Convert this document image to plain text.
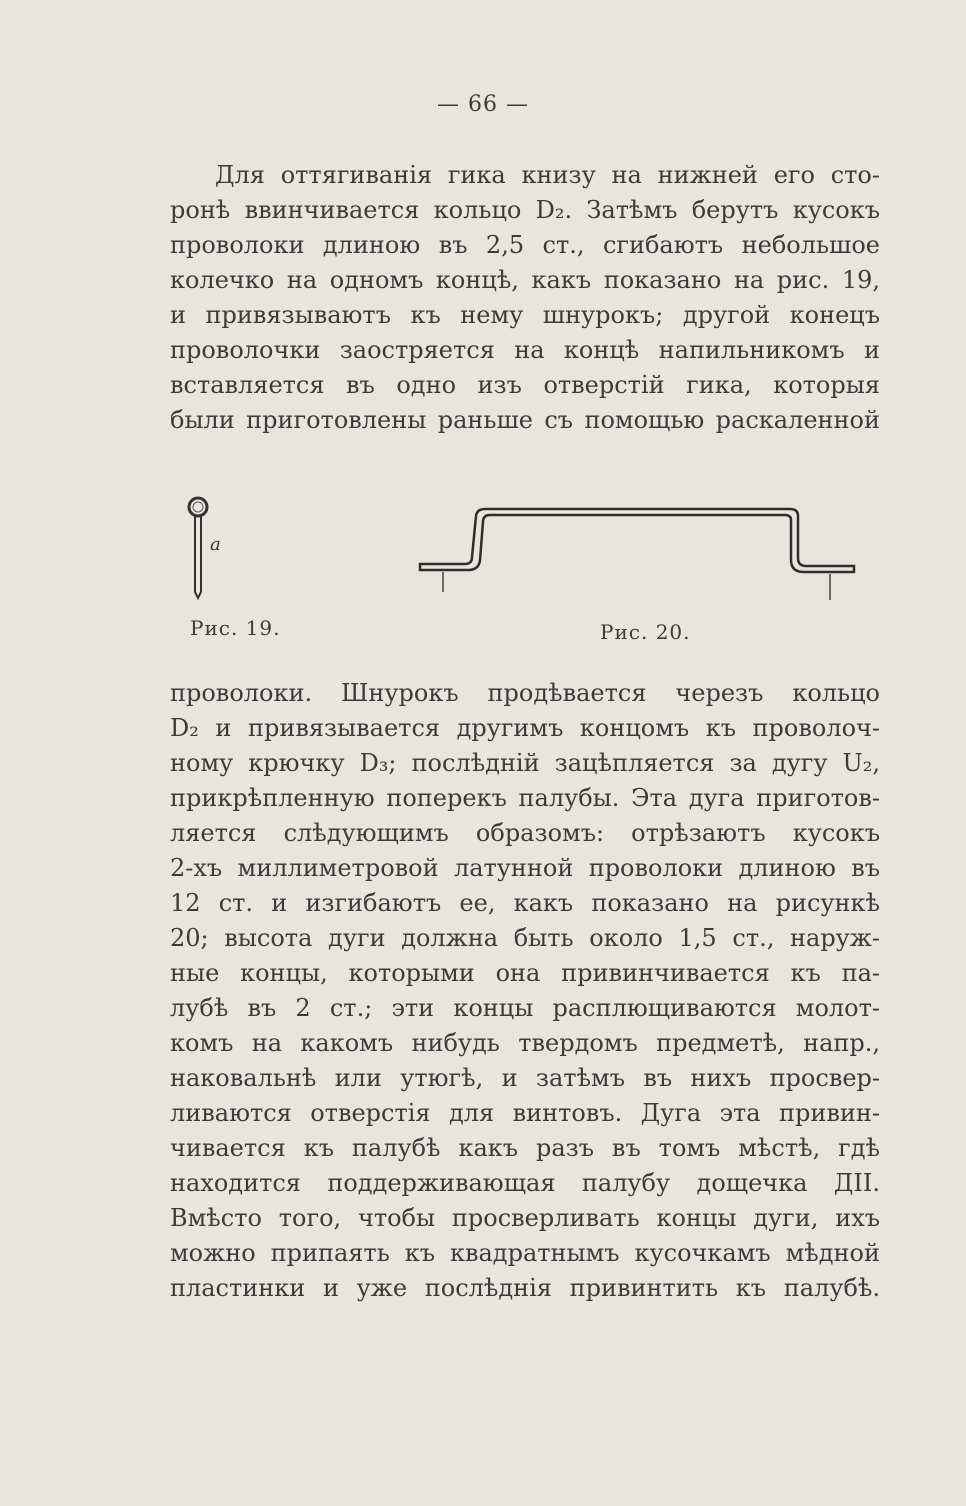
— 66 —
Для оттягиванія гика книзу на нижней его сто-
ронѣ ввинчивается кольцо D₂. Затѣмъ берутъ кусокъ
проволоки длиною въ 2,5 ст., сгибаютъ небольшое
колечко на одномъ концѣ, какъ показано на рис. 19,
и привязываютъ къ нему шнурокъ; другой конецъ
проволочки заостряется на концѣ напильникомъ и
вставляется въ одно изъ отверстій гика, которыя
были приготовлены раньше съ помощью раскаленной
a
Рис. 19.	Рис. 20.
проволоки. Шнурокъ продѣвается черезъ кольцо
D₂ и привязывается другимъ концомъ къ проволоч-
ному крючку D₃; послѣдній зацѣпляется за дугу U₂,
прикрѣпленную поперекъ палубы. Эта дуга приготов-
ляется слѣдующимъ образомъ: отрѣзаютъ кусокъ
2-хъ миллиметровой латунной проволоки длиною въ
12 ст. и изгибаютъ ее, какъ показано на рисункѣ
20; высота дуги должна быть около 1,5 ст., наруж-
ные концы, которыми она привинчивается къ па-
лубѣ въ 2 ст.; эти концы расплющиваются молот-
комъ на какомъ нибудь твердомъ предметѣ, напр.,
наковальнѣ или утюгѣ, и затѣмъ въ нихъ просвер-
ливаются отверстія для винтовъ. Дуга эта привин-
чивается къ палубѣ какъ разъ въ томъ мѣстѣ, гдѣ
находится поддерживающая палубу дощечка ДII.
Вмѣсто того, чтобы просверливать концы дуги, ихъ
можно припаять къ квадратнымъ кусочкамъ мѣдной
пластинки и уже послѣднія привинтить къ палубѣ.
